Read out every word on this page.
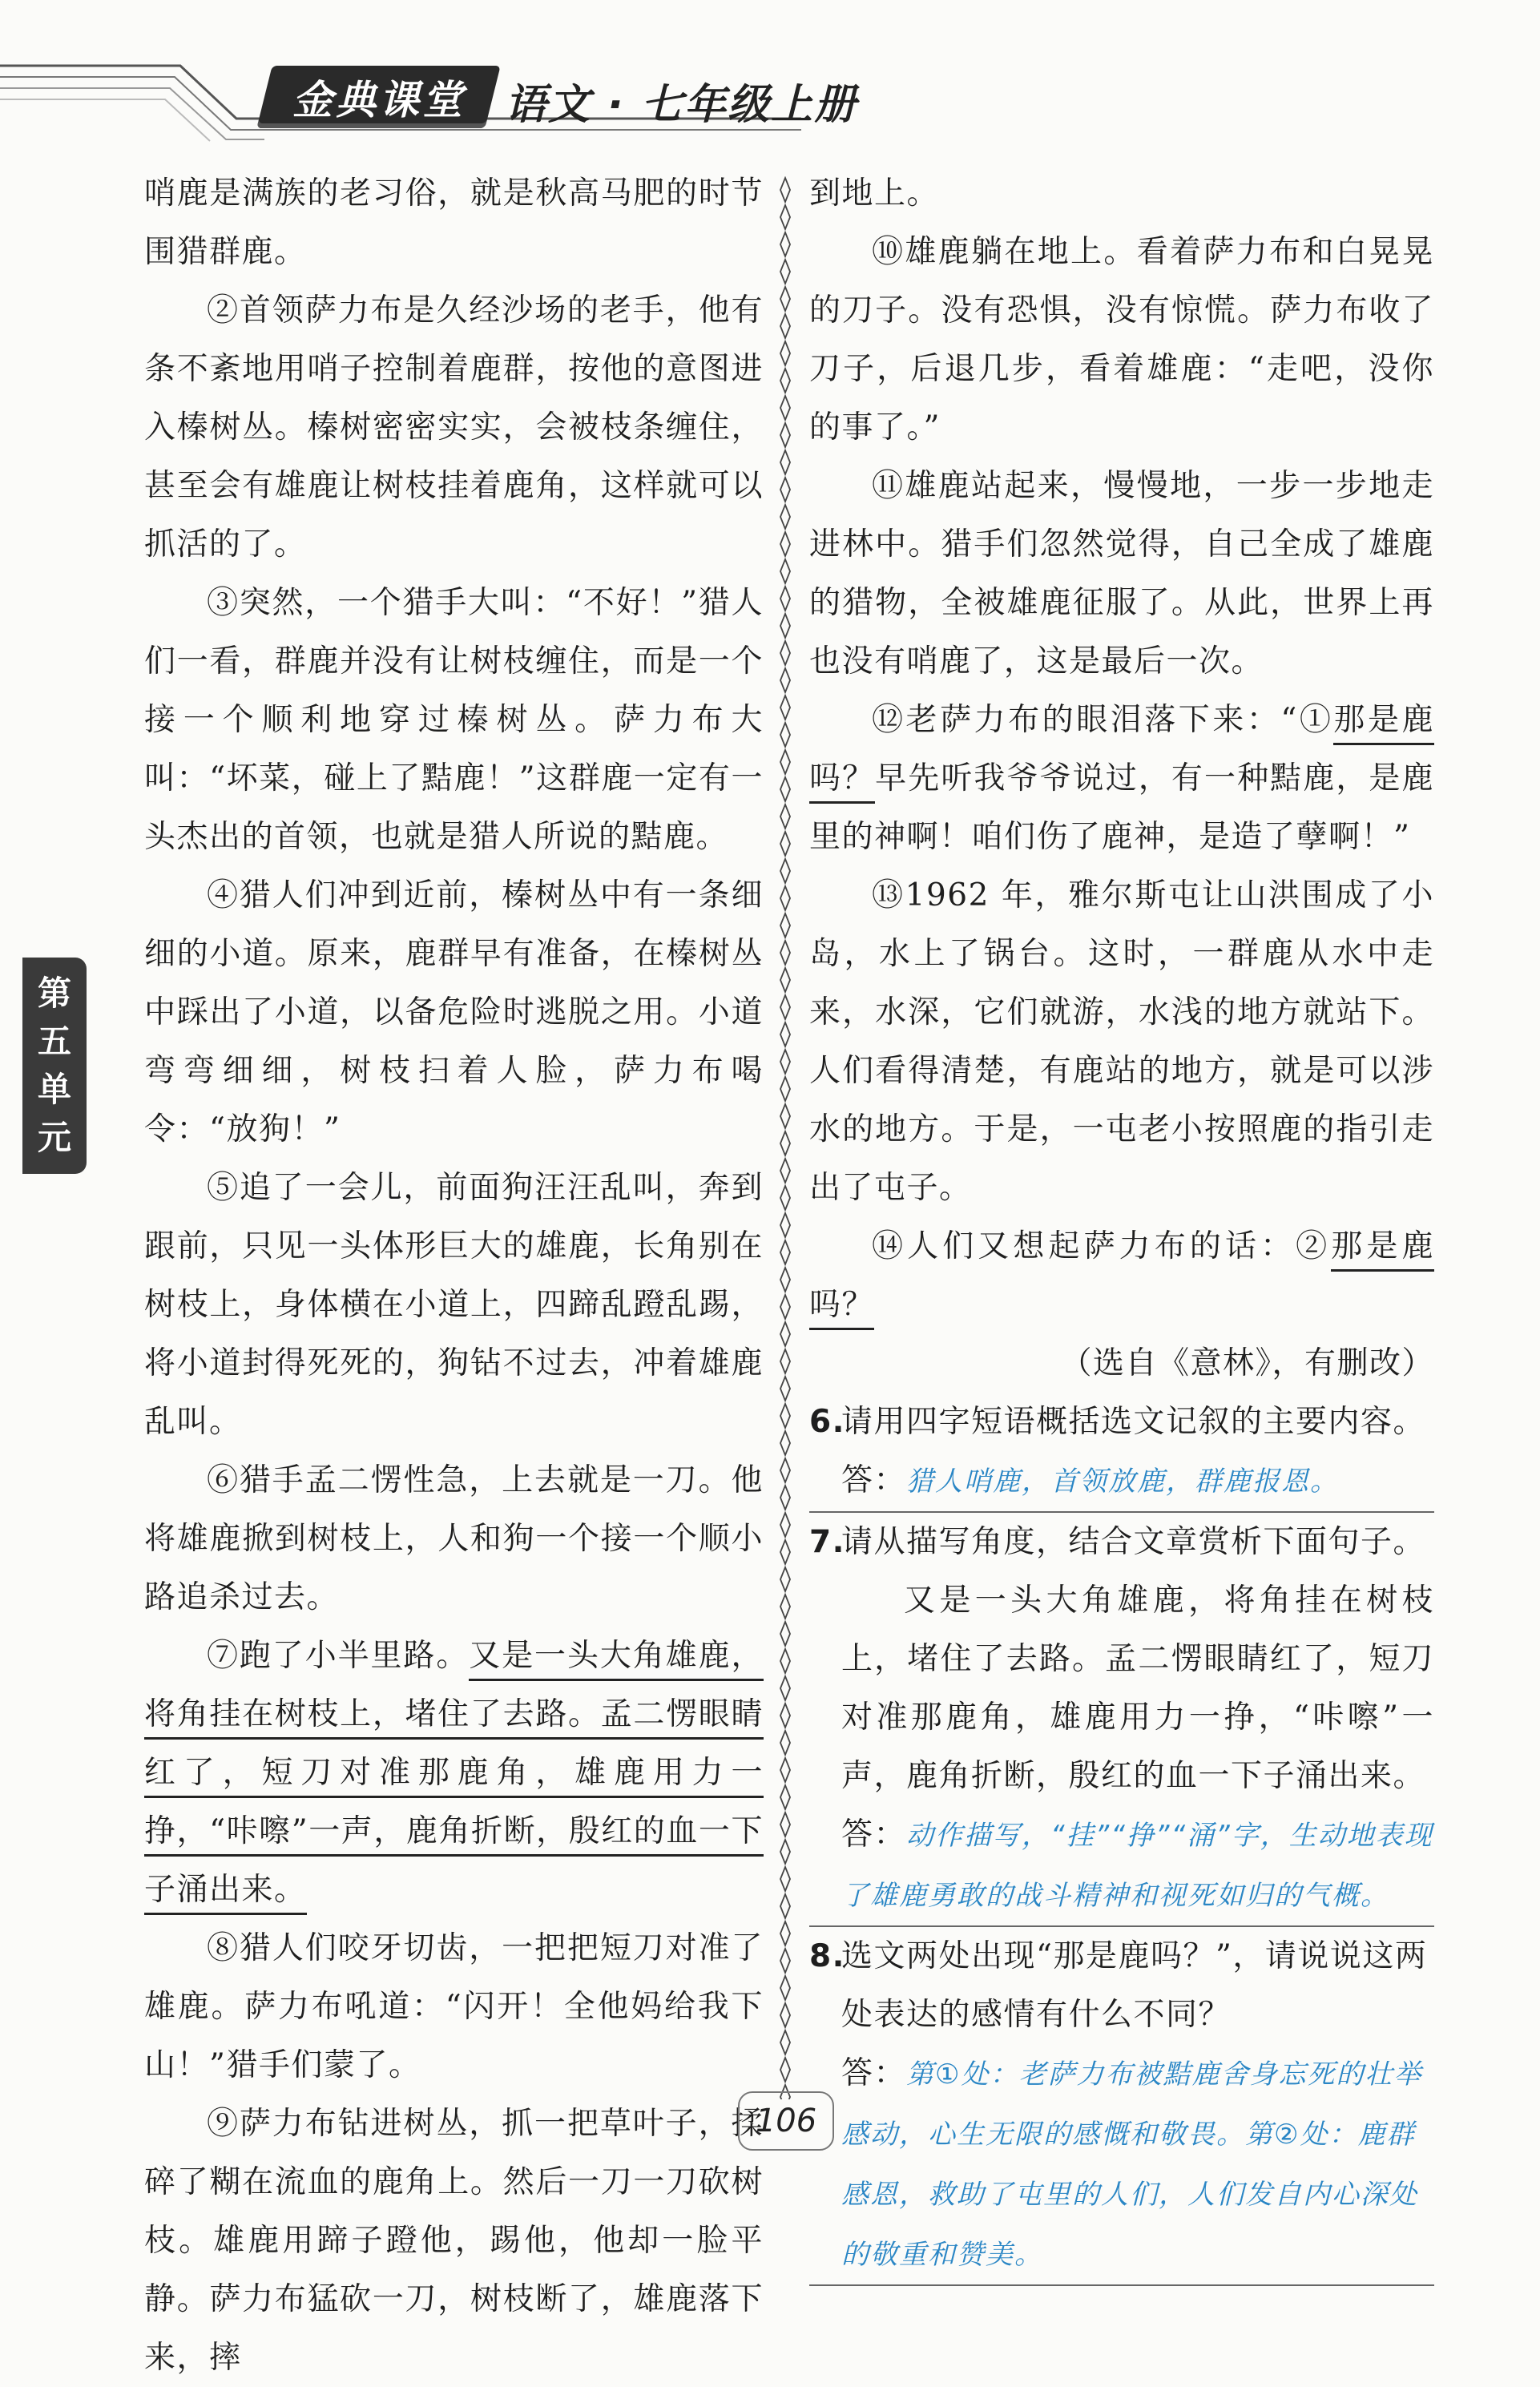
金典课堂 语文 · 七年级上册
第
五
单
元

哨鹿是满族的老习俗，就是秋高马肥的时节围猎群鹿。

②首领萨力布是久经沙场的老手，他有条不紊地用哨子控制着鹿群，按他的意图进入榛树丛。榛树密密实实，会被枝条缠住，甚至会有雄鹿让树枝挂着鹿角，这样就可以抓活的了。

③突然，一个猎手大叫：“不好！”猎人们一看，群鹿并没有让树枝缠住，而是一个接一个顺利地穿过榛树丛。萨力布大叫：“坏菜，碰上了黠鹿！”这群鹿一定有一头杰出的首领，也就是猎人所说的黠鹿。

④猎人们冲到近前，榛树丛中有一条细细的小道。原来，鹿群早有准备，在榛树丛中踩出了小道，以备危险时逃脱之用。小道弯弯细细，树枝扫着人脸，萨力布喝令：“放狗！”

⑤追了一会儿，前面狗汪汪乱叫，奔到跟前，只见一头体形巨大的雄鹿，长角别在树枝上，身体横在小道上，四蹄乱蹬乱踢，将小道封得死死的，狗钻不过去，冲着雄鹿乱叫。

⑥猎手孟二愣性急，上去就是一刀。他将雄鹿掀到树枝上，人和狗一个接一个顺小路追杀过去。

⑦跑了小半里路。又是一头大角雄鹿，将角挂在树枝上，堵住了去路。孟二愣眼睛红了，短刀对准那鹿角，雄鹿用力一挣，“咔嚓”一声，鹿角折断，殷红的血一下子涌出来。

⑧猎人们咬牙切齿，一把把短刀对准了雄鹿。萨力布吼道：“闪开！全他妈给我下山！”猎手们蒙了。

⑨萨力布钻进树丛，抓一把草叶子，揉碎了糊在流血的鹿角上。然后一刀一刀砍树枝。雄鹿用蹄子蹬他，踢他，他却一脸平静。萨力布猛砍一刀，树枝断了，雄鹿落下来，摔

到地上。

⑩雄鹿躺在地上。看着萨力布和白晃晃的刀子。没有恐惧，没有惊慌。萨力布收了刀子，后退几步，看着雄鹿：“走吧，没你的事了。”

⑪雄鹿站起来，慢慢地，一步一步地走进林中。猎手们忽然觉得，自己全成了雄鹿的猎物，全被雄鹿征服了。从此，世界上再也没有哨鹿了，这是最后一次。

⑫老萨力布的眼泪落下来：“①那是鹿吗？早先听我爷爷说过，有一种黠鹿，是鹿里的神啊！咱们伤了鹿神，是造了孽啊！”

⑬1962 年，雅尔斯屯让山洪围成了小岛，水上了锅台。这时，一群鹿从水中走来，水深，它们就游，水浅的地方就站下。人们看得清楚，有鹿站的地方，就是可以涉水的地方。于是，一屯老小按照鹿的指引走出了屯子。

⑭人们又想起萨力布的话：②那是鹿吗？

（选自《意林》，有删改）

6.
请用四字短语概括选文记叙的主要内容。
答：猎人哨鹿，首领放鹿，群鹿报恩。
7.
请从描写角度，结合文章赏析下面句子。

又是一头大角雄鹿，将角挂在树枝上，堵住了去路。孟二愣眼睛红了，短刀对准那鹿角，雄鹿用力一挣，“咔嚓”一声，鹿角折断，殷红的血一下子涌出来。

答：动作描写，“挂”“挣”“涌”字，生动地表现了雄鹿勇敢的战斗精神和视死如归的气概。
8.
选文两处出现“那是鹿吗？”，请说说这两处表达的感情有什么不同？
答：第①处：老萨力布被黠鹿舍身忘死的壮举感动，心生无限的感慨和敬畏。第②处：鹿群感恩，救助了屯里的人们，人们发自内心深处的敬重和赞美。
106
